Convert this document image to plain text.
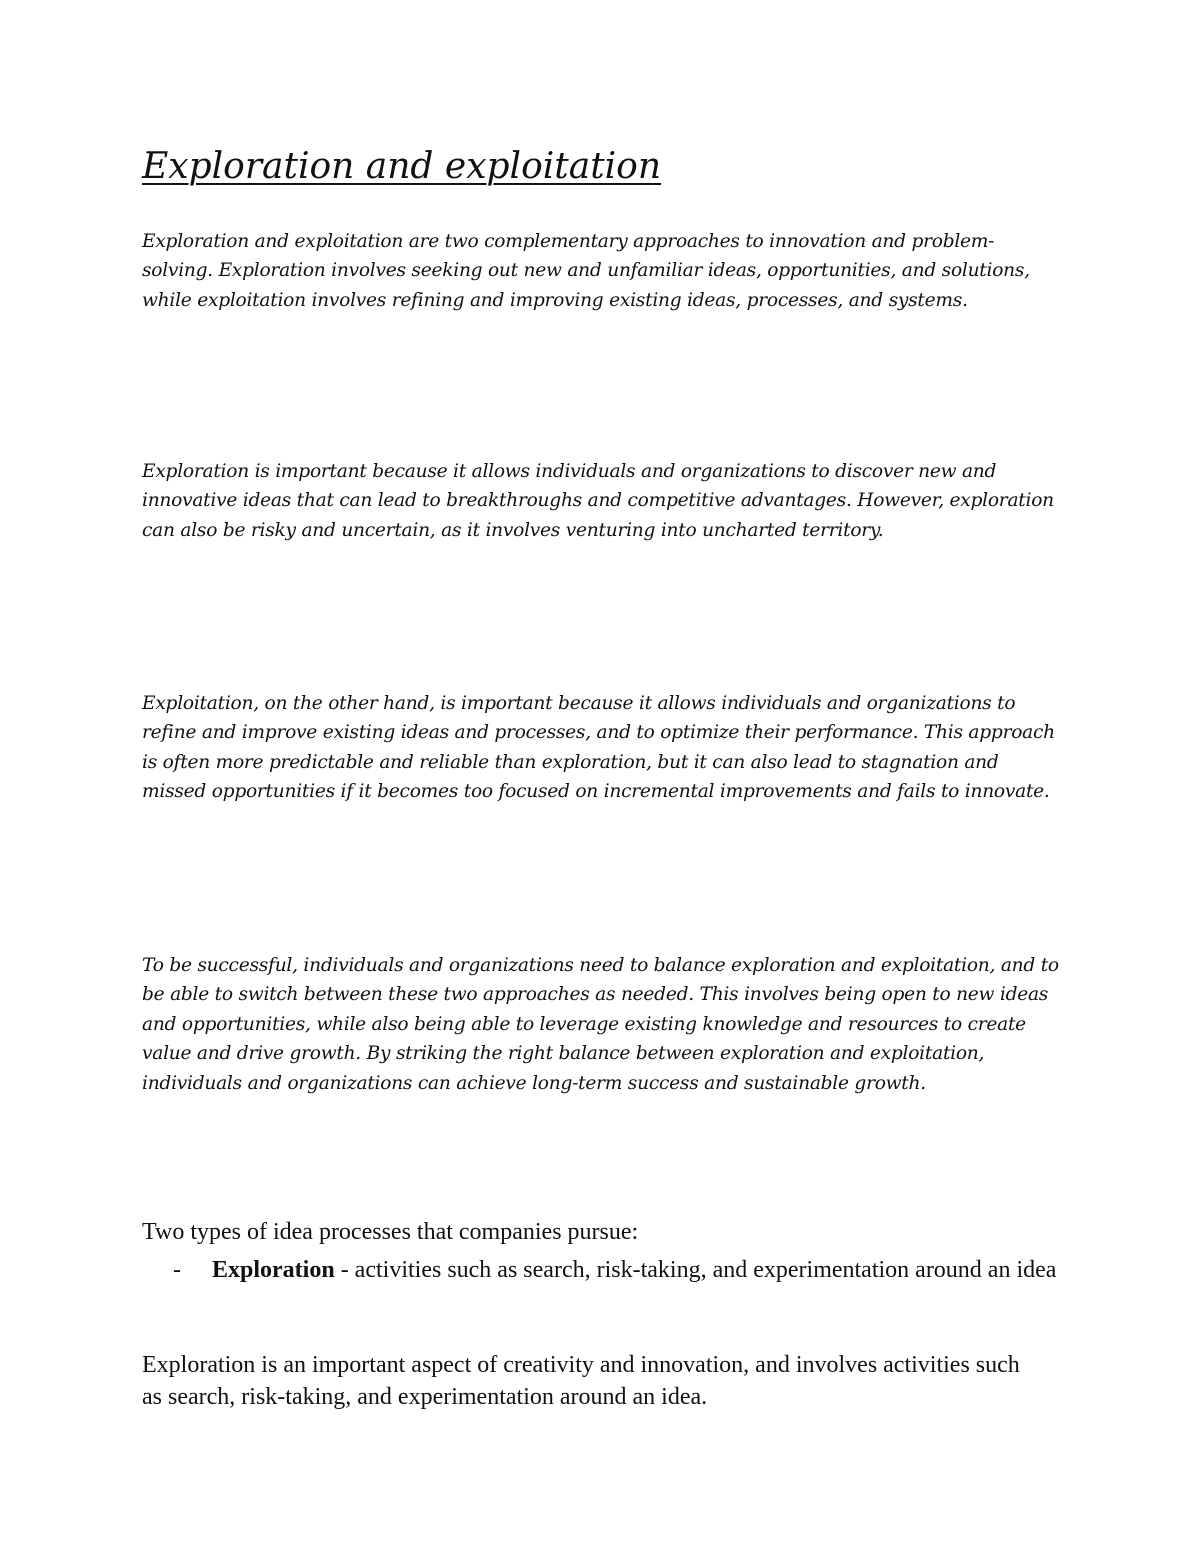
Exploration and exploitation

Exploration and exploitation are two complementary approaches to innovation and problem-solving. Exploration involves seeking out new and unfamiliar ideas, opportunities, and solutions, while exploitation involves refining and improving existing ideas, processes, and systems.

Exploration is important because it allows individuals and organizations to discover new and innovative ideas that can lead to breakthroughs and competitive advantages. However, exploration can also be risky and uncertain, as it involves venturing into uncharted territory.

Exploitation, on the other hand, is important because it allows individuals and organizations to refine and improve existing ideas and processes, and to optimize their performance. This approach is often more predictable and reliable than exploration, but it can also lead to stagnation and missed opportunities if it becomes too focused on incremental improvements and fails to innovate.

To be successful, individuals and organizations need to balance exploration and exploitation, and to be able to switch between these two approaches as needed. This involves being open to new ideas and opportunities, while also being able to leverage existing knowledge and resources to create value and drive growth. By striking the right balance between exploration and exploitation, individuals and organizations can achieve long-term success and sustainable growth.

Two types of idea processes that companies pursue:

- Exploration - activities such as search, risk-taking, and experimentation around an idea

Exploration is an important aspect of creativity and innovation, and involves activities such as search, risk-taking, and experimentation around an idea.
